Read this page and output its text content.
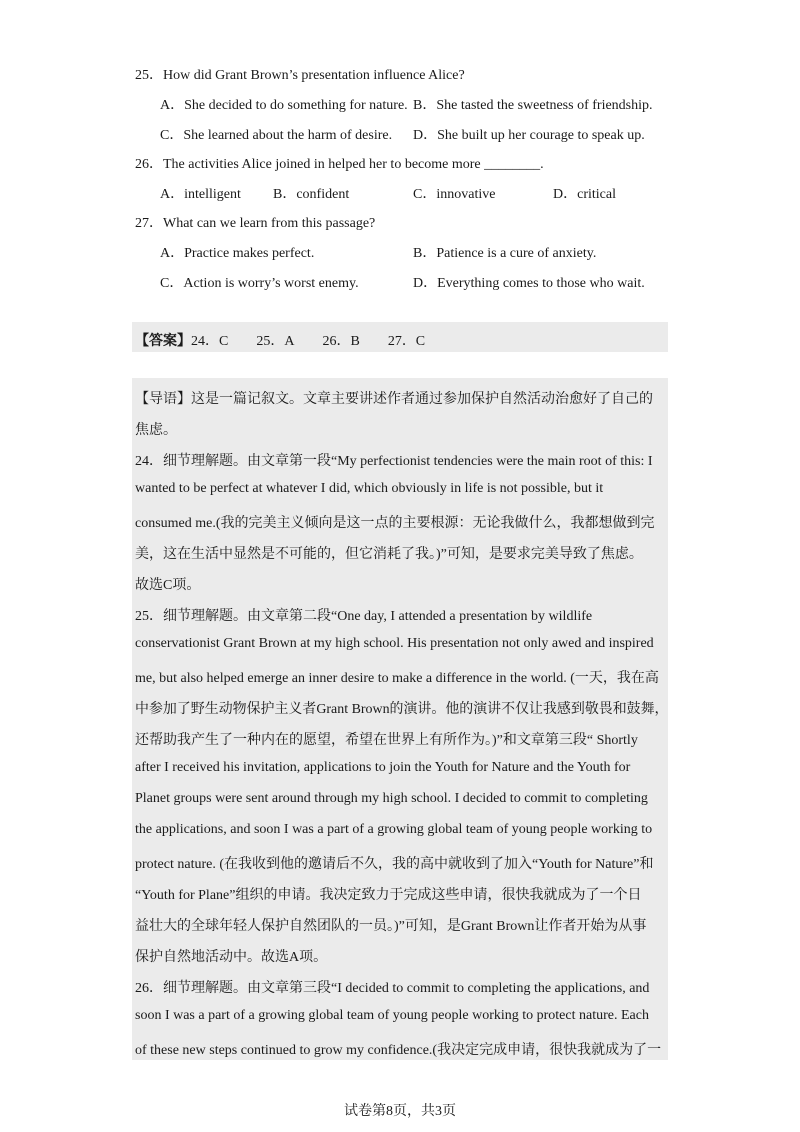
25．How did Grant Brown’s presentation influence Alice?
A．She decided to do something for nature. B．She tasted the sweetness of friendship.
C．She learned about the harm of desire. D．She built up her courage to speak up.
26．The activities Alice joined in helped her to become more ________.
A．intelligent B．confident	C．innovative	D．critical
27．What can we learn from this passage?
A．Practice makes perfect.	B．Patience is a cure of anxiety.
C．Action is worry’s worst enemy.	D．Everything comes to those who wait.
【答案】24．C 25．A 26．B 27．C
【导语】这是一篇记叙文。文章主要讲述作者通过参加保护自然活动治愈好了自己的
焦虑。
24．细节理解题。由文章第一段“My perfectionist tendencies were the main root of this: I
wanted to be perfect at whatever I did, which obviously in life is not possible, but it
consumed me.(我的完美主义倾向是这一点的主要根源：无论我做什么，我都想做到完
美，这在生活中显然是不可能的，但它消耗了我。)”可知，是要求完美导致了焦虑。
故选C项。
25．细节理解题。由文章第二段“One day, I attended a presentation by wildlife
conservationist Grant Brown at my high school. His presentation not only awed and inspired
me, but also helped emerge an inner desire to make a difference in the world. (一天，我在高
中参加了野生动物保护主义者Grant Brown的演讲。他的演讲不仅让我感到敬畏和鼓舞，
还帮助我产生了一种内在的愿望，希望在世界上有所作为。)”和文章第三段“ Shortly
after I received his invitation, applications to join the Youth for Nature and the Youth for
Planet groups were sent around through my high school. I decided to commit to completing
the applications, and soon I was a part of a growing global team of young people working to
protect nature. (在我收到他的邀请后不久，我的高中就收到了加入“Youth for Nature”和
“Youth for Plane”组织的申请。我决定致力于完成这些申请，很快我就成为了一个日
益壮大的全球年轻人保护自然团队的一员。)”可知，是Grant Brown让作者开始为从事
保护自然地活动中。故选A项。
26．细节理解题。由文章第三段“I decided to commit to completing the applications, and
soon I was a part of a growing global team of young people working to protect nature. Each
of these new steps continued to grow my confidence.(我决定完成申请，很快我就成为了一
试卷第8页，共3页
